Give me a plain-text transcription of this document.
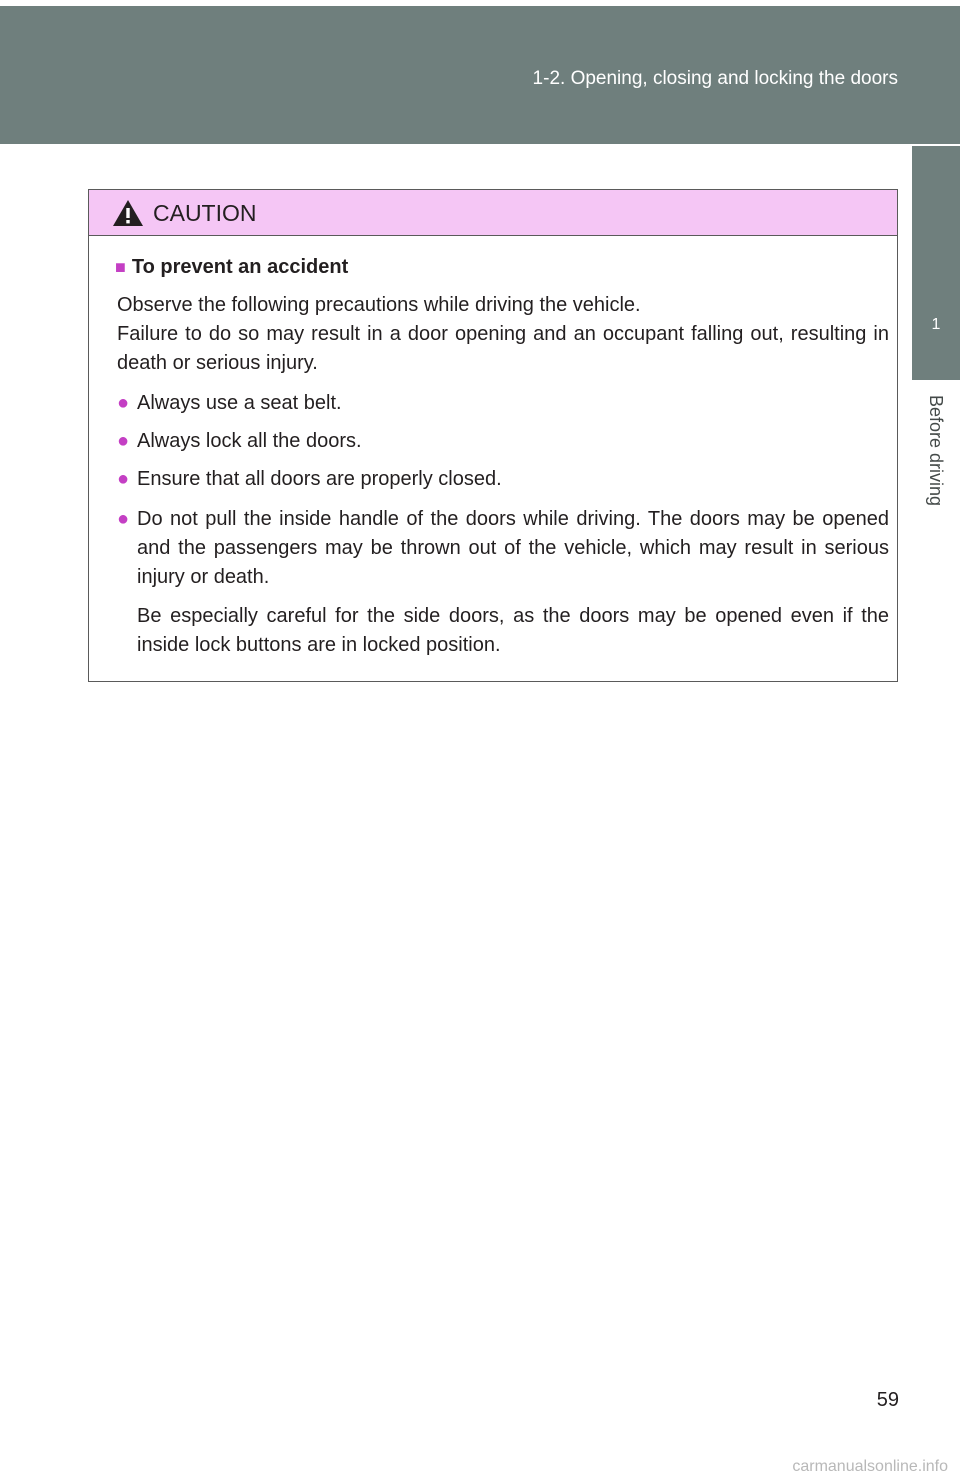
1-2. Opening, closing and locking the doors
1
Before driving
CAUTION
■ To prevent an accident
Observe the following precautions while driving the vehicle.
Failure to do so may result in a door opening and an occupant falling out, resulting in death or serious injury.
● Always use a seat belt.
● Always lock all the doors.
● Ensure that all doors are properly closed.
● Do not pull the inside handle of the doors while driving. The doors may be opened and the passengers may be thrown out of the vehicle, which may result in serious injury or death.
Be especially careful for the side doors, as the doors may be opened even if the inside lock buttons are in locked position.
59
carmanualsonline.info
